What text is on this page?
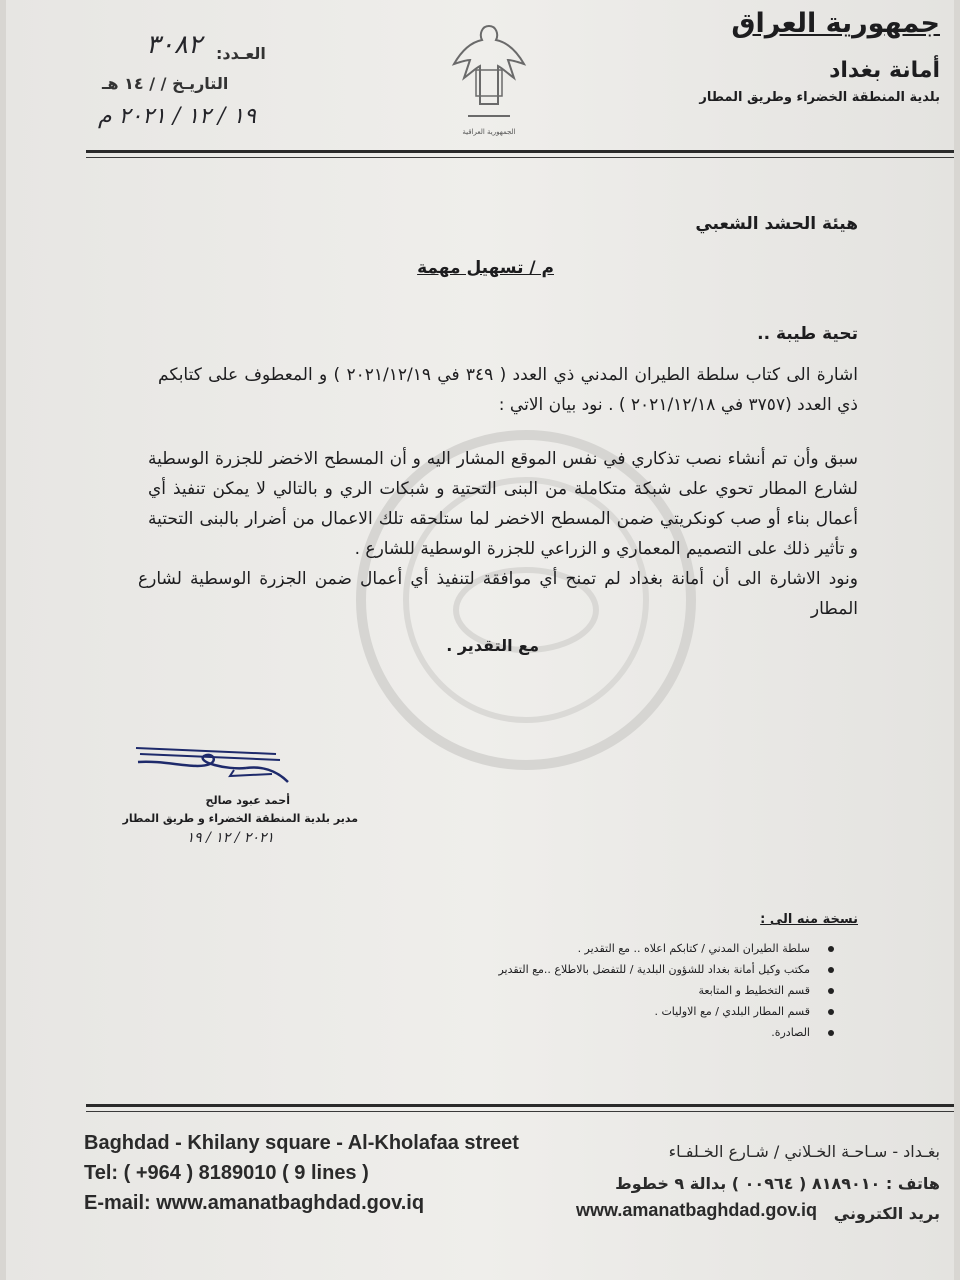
جمهورية العراق
أمانة بغداد
بلدية المنطقة الخضراء وطريق المطار
الجمهورية العراقية
العـدد:
٣٠٨٢
التاريـخ / / ١٤ هـ
١٩ / ١٢ / ٢٠٢١ م
هيئة الحشد الشعبي
م / تسهيل مهمة
تحية طيبة ..
اشارة الى كتاب سلطة الطيران المدني ذي العدد ( ٣٤٩ في ٢٠٢١/١٢/١٩ ) و المعطوف على كتابكم ذي العدد (٣٧٥٧ في ٢٠٢١/١٢/١٨ ) . نود بيان الاتي :
سبق وأن تم أنشاء نصب تذكاري في نفس الموقع المشار اليه و أن المسطح الاخضر للجزرة الوسطية لشارع المطار تحوي على شبكة متكاملة من البنى التحتية و شبكات الري و بالتالي لا يمكن تنفيذ أي أعمال بناء أو صب كونكريتي ضمن المسطح الاخضر لما ستلحقه تلك الاعمال من أضرار بالبنى التحتية و تأثير ذلك على التصميم المعماري و الزراعي للجزرة الوسطية للشارع .
ونود الاشارة الى أن أمانة بغداد لم تمنح أي موافقة لتنفيذ أي أعمال ضمن الجزرة الوسطية لشارع المطار
مع التقدير .
أحمد عبود صالح
مدير بلدية المنطقة الخضراء و طريق المطار
٢٠٢١ / ١٢ / ١٩
نسخة منه الى :
سلطة الطيران المدني / كتابكم اعلاه .. مع التقدير .
مكتب وكيل أمانة بغداد للشؤون البلدية / للتفضل بالاطلاع ..مع التقدير
قسم التخطيط و المتابعة
قسم المطار البلدي / مع الاوليات .
الصادرة.
Baghdad - Khilany square - Al-Kholafaa street
Tel: ( +964 ) 8189010 ( 9 lines )
E-mail: www.amanatbaghdad.gov.iq
بغـداد - سـاحـة الخـلاني / شـارع الخـلفـاء
هاتف : ٨١٨٩٠١٠ ( ٠٠٩٦٤ ) بدالة ٩ خطوط
بريد الكتروني
www.amanatbaghdad.gov.iq
